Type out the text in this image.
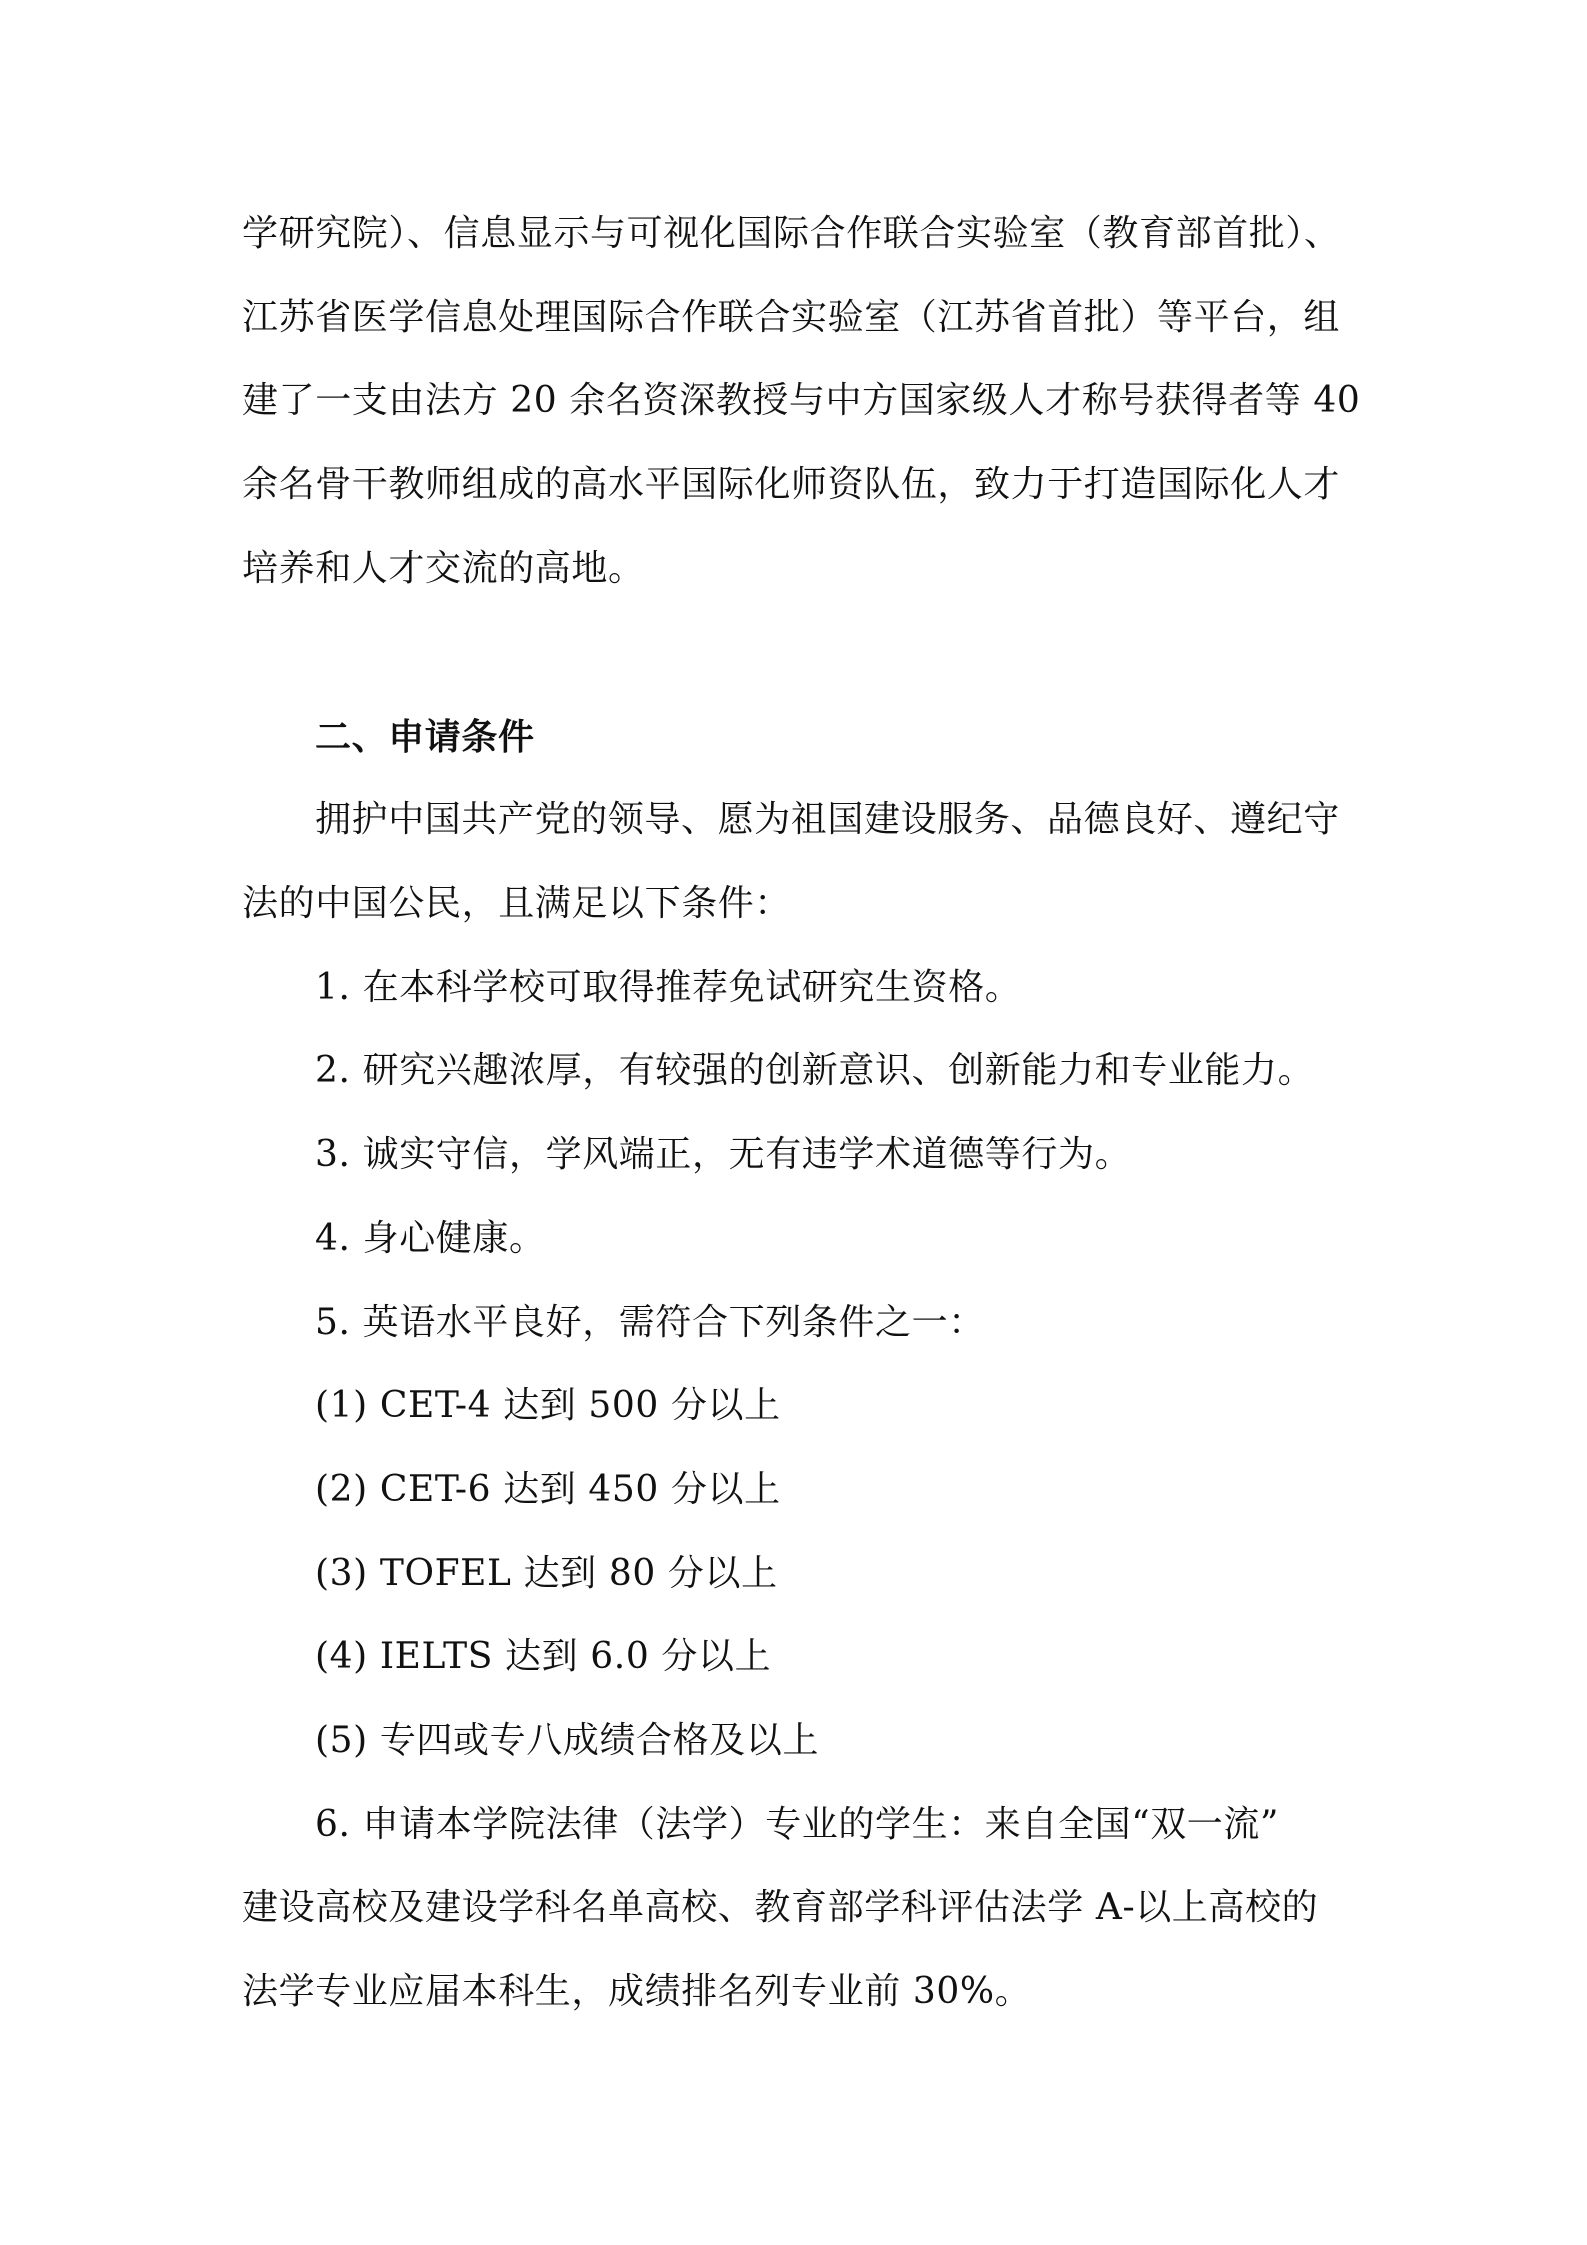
学研究院）、信息显示与可视化国际合作联合实验室（教育部首批）、
江苏省医学信息处理国际合作联合实验室（江苏省首批）等平台，组
建了一支由法方 20 余名资深教授与中方国家级人才称号获得者等 40
余名骨干教师组成的高水平国际化师资队伍，致力于打造国际化人才
培养和人才交流的高地。
二、申请条件
拥护中国共产党的领导、愿为祖国建设服务、品德良好、遵纪守
法的中国公民，且满足以下条件：
1. 在本科学校可取得推荐免试研究生资格。
2. 研究兴趣浓厚，有较强的创新意识、创新能力和专业能力。
3. 诚实守信，学风端正，无有违学术道德等行为。
4. 身心健康。
5. 英语水平良好，需符合下列条件之一：
(1) CET-4 达到 500 分以上
(2) CET-6 达到 450 分以上
(3) TOFEL 达到 80 分以上
(4) IELTS 达到 6.0 分以上
(5) 专四或专八成绩合格及以上
6. 申请本学院法律（法学）专业的学生：来自全国“双一流”
建设高校及建设学科名单高校、教育部学科评估法学 A-以上高校的
法学专业应届本科生，成绩排名列专业前 30%。
